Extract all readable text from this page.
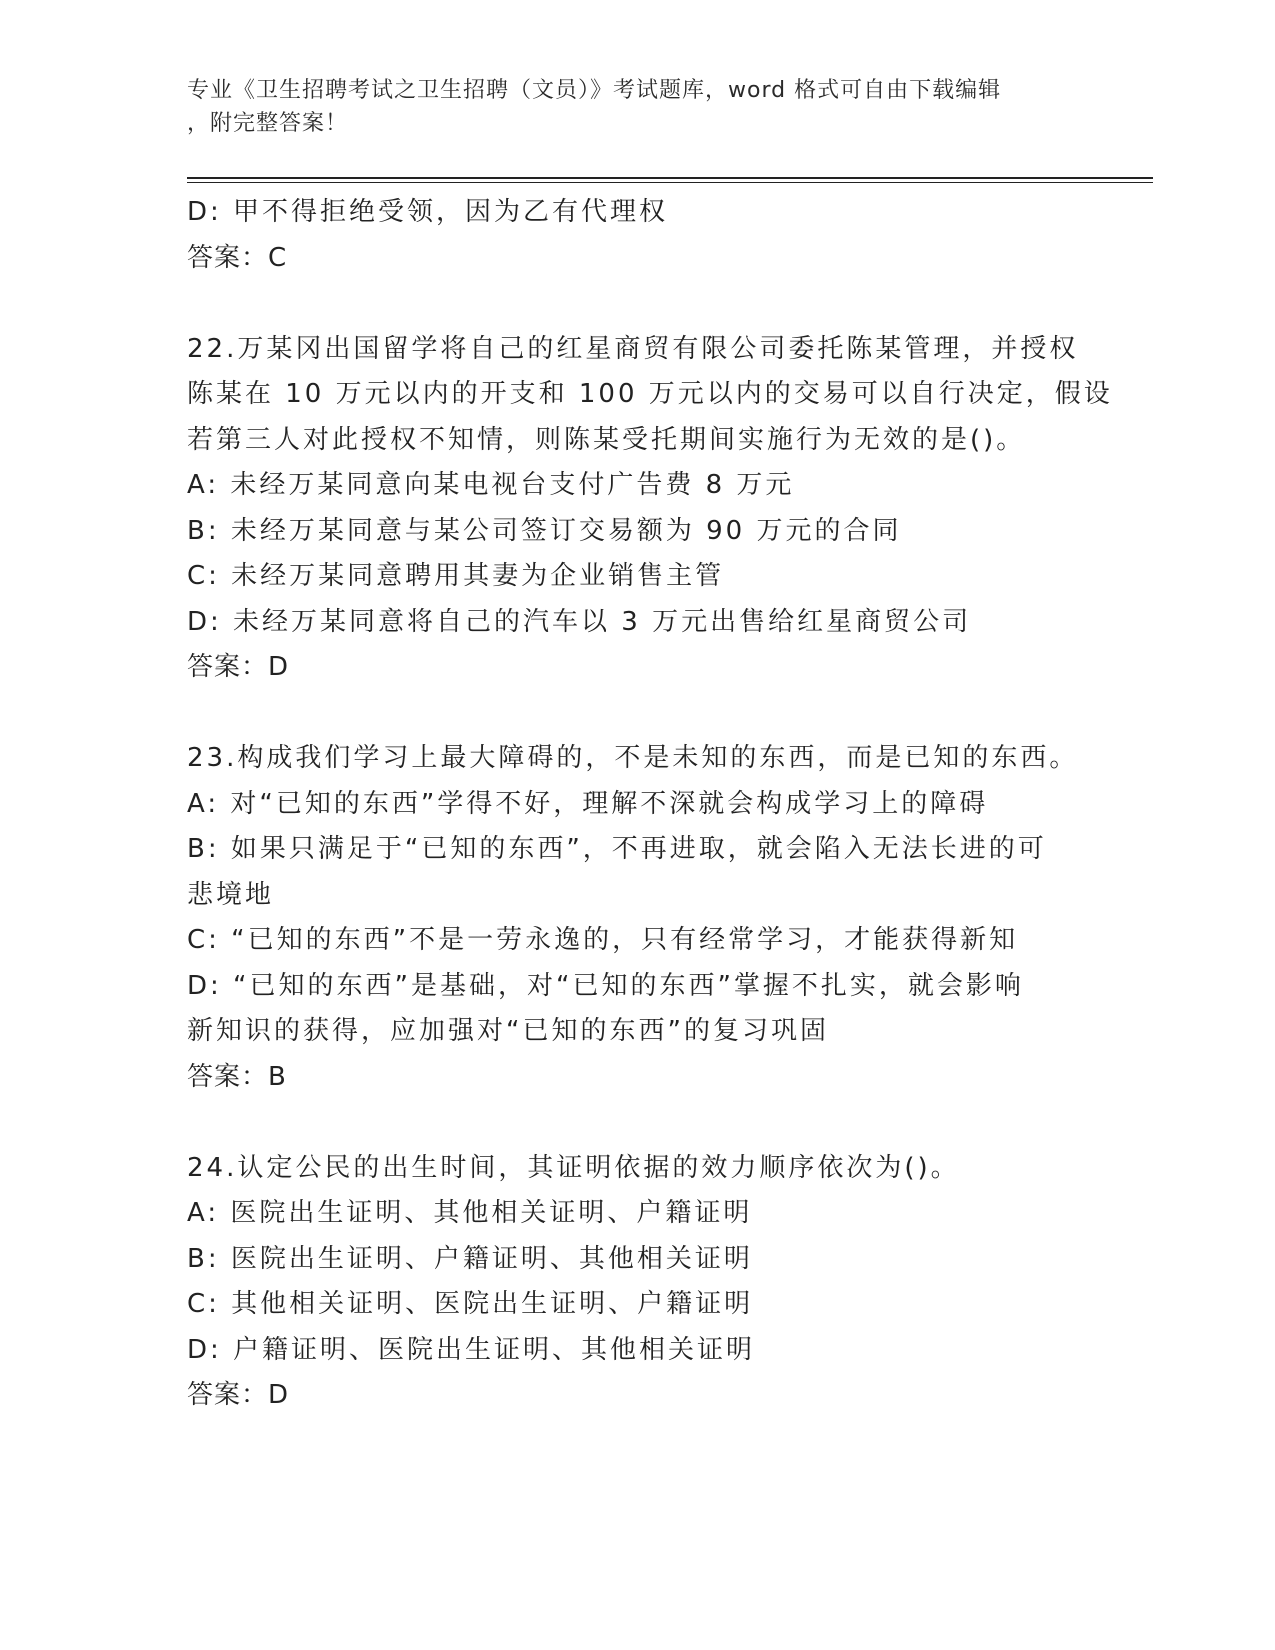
专业《卫生招聘考试之卫生招聘（文员）》考试题库，word 格式可自由下载编辑
，附完整答案！
D: 甲不得拒绝受领，因为乙有代理权
答案：C
22.万某冈出国留学将自己的红星商贸有限公司委托陈某管理，并授权
陈某在 10 万元以内的开支和 100 万元以内的交易可以自行决定，假设
若第三人对此授权不知情，则陈某受托期间实施行为无效的是()。
A: 未经万某同意向某电视台支付广告费 8 万元
B: 未经万某同意与某公司签订交易额为 90 万元的合同
C: 未经万某同意聘用其妻为企业销售主管
D: 未经万某同意将自己的汽车以 3 万元出售给红星商贸公司
答案：D
23.构成我们学习上最大障碍的，不是未知的东西，而是已知的东西。
A: 对“已知的东西”学得不好，理解不深就会构成学习上的障碍
B: 如果只满足于“已知的东西”，不再进取，就会陷入无法长进的可
悲境地
C: “已知的东西”不是一劳永逸的，只有经常学习，才能获得新知
D: “已知的东西”是基础，对“已知的东西”掌握不扎实，就会影响
新知识的获得，应加强对“已知的东西”的复习巩固
答案：B
24.认定公民的出生时间，其证明依据的效力顺序依次为()。
A: 医院出生证明、其他相关证明、户籍证明
B: 医院出生证明、户籍证明、其他相关证明
C: 其他相关证明、医院出生证明、户籍证明
D: 户籍证明、医院出生证明、其他相关证明
答案：D
